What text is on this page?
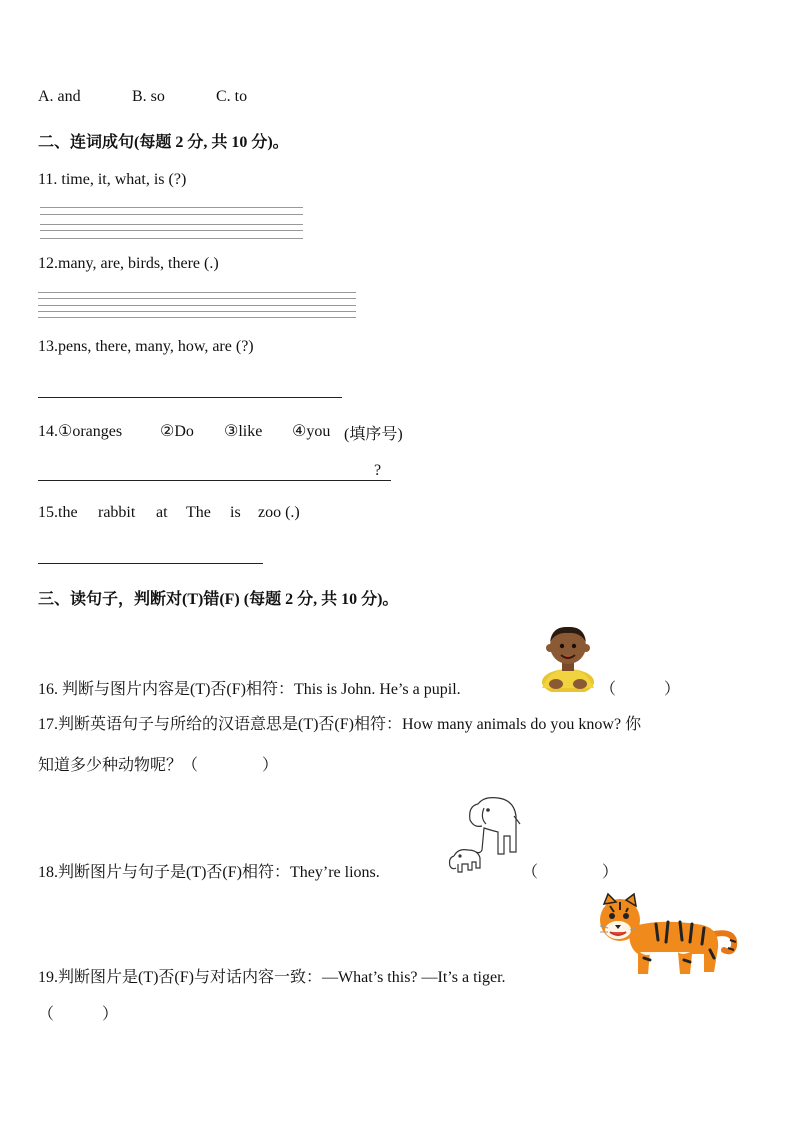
A. and	B. so	C. to
二、连词成句(每题 2 分, 共 10 分)。
11. time, it, what, is (?)
12.many, are, birds, there (.)
13.pens, there, many, how, are (?)
14.①oranges ②Do ③like ④you (填序号)
?
15.the rabbit at The is zoo (.)
三、读句子，判断对(T)错(F) (每题 2 分, 共 10 分)。
16. 判断与图片内容是(T)否(F)相符：This is John. He’s a pupil.	（　　　）
17.判断英语句子与所给的汉语意思是(T)否(F)相符：How many animals do you know? 你
知道多少种动物呢？（　　　　）
18.判断图片与句子是(T)否(F)相符：They’re lions.	（　　　　）
19.判断图片是(T)否(F)与对话内容一致：—What’s this? —It’s a tiger.
（　　　）
